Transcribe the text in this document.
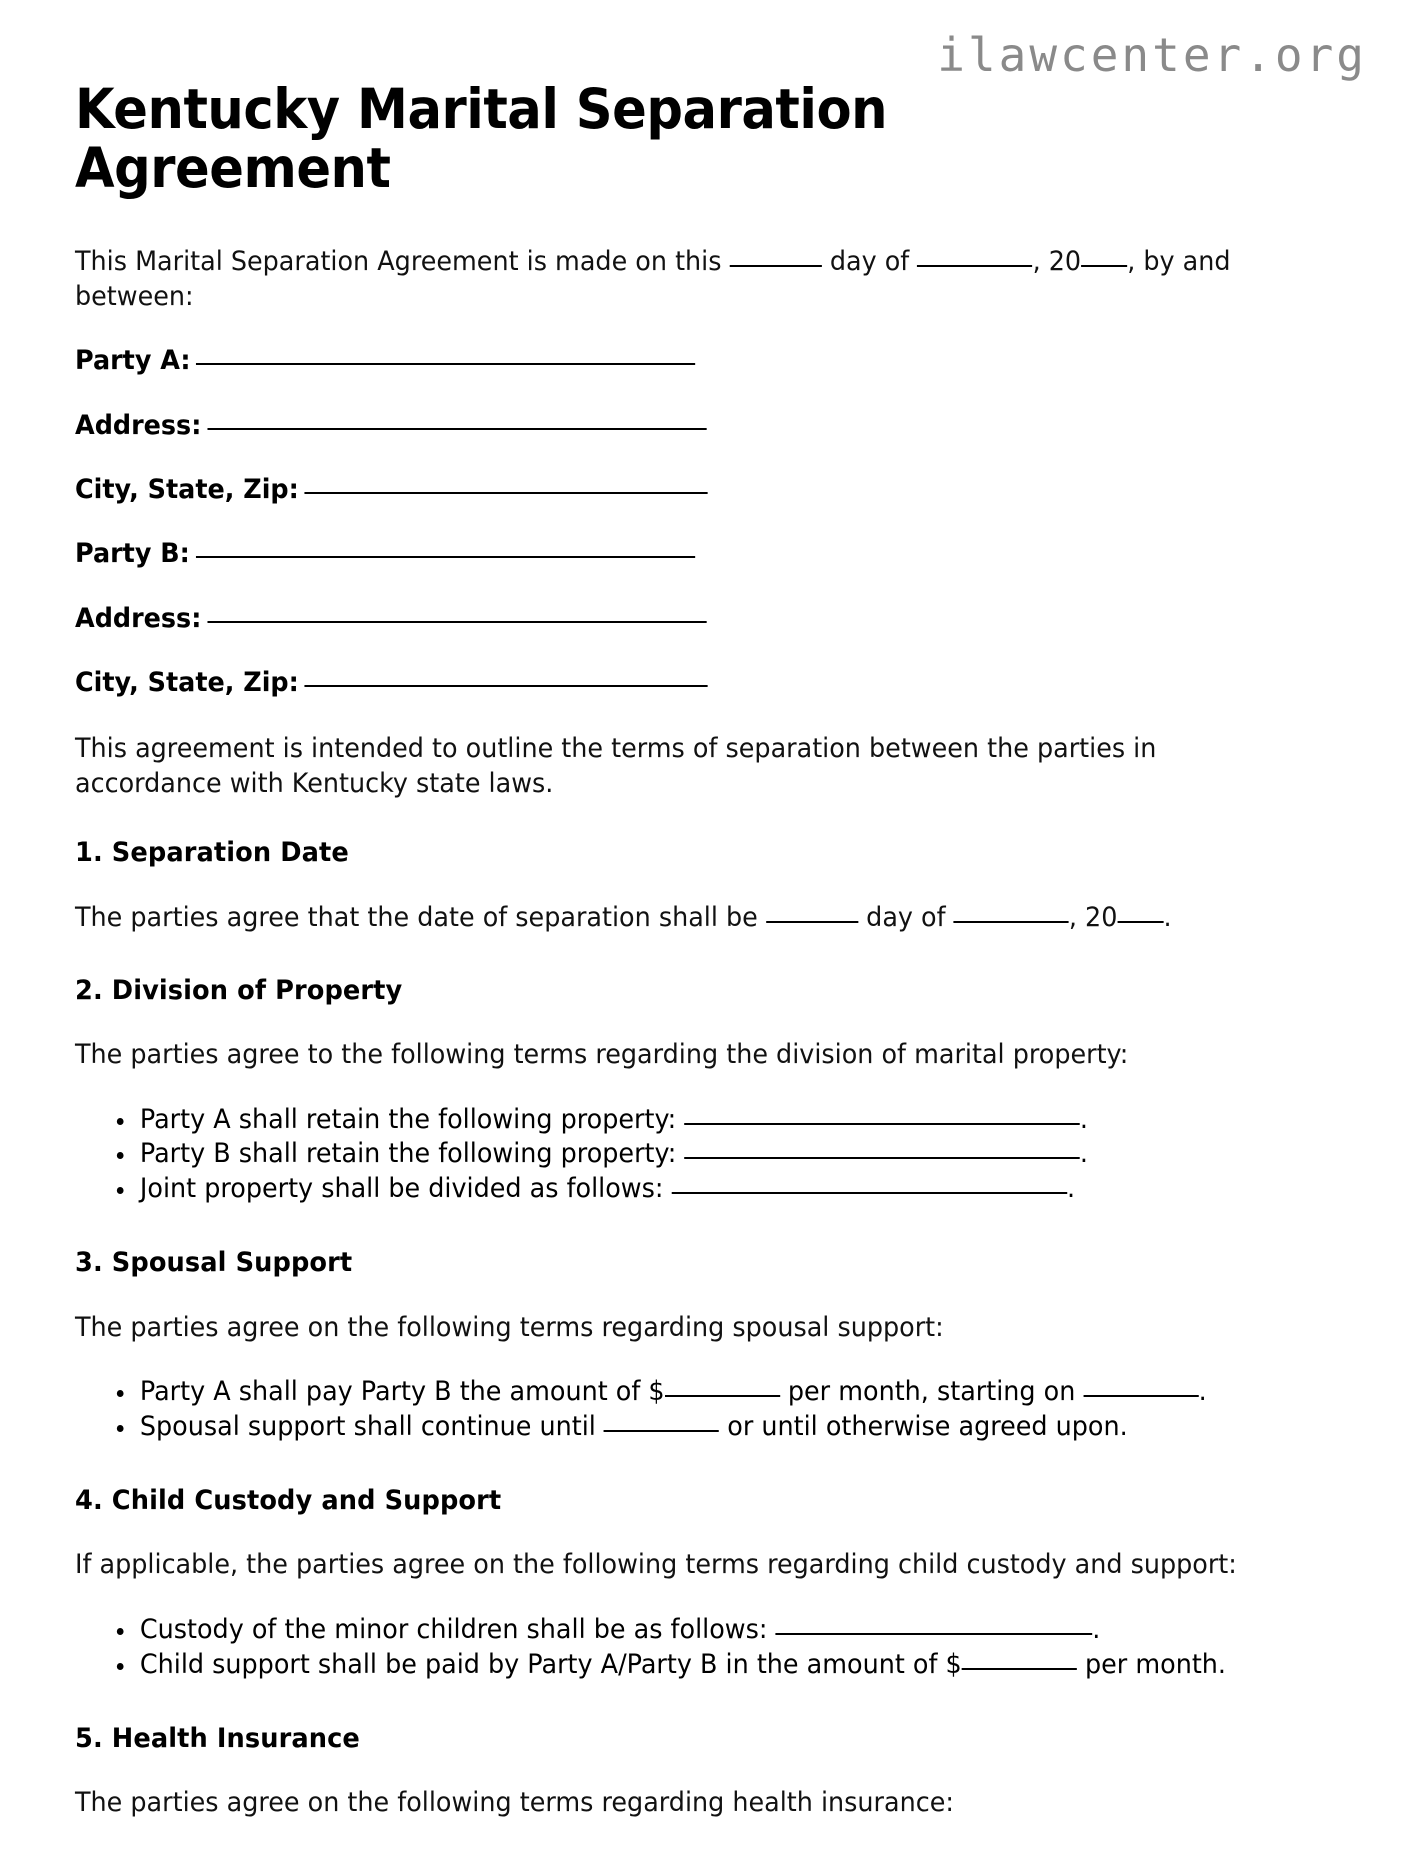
ilawcenter.org
Kentucky Marital Separation Agreement

This Marital Separation Agreement is made on this	day of	, 20 , by and between:

Party A:
Address:
City, State, Zip:
Party B:
Address:
City, State, Zip:

This agreement is intended to outline the terms of separation between the parties in accordance with Kentucky state laws.

1. Separation Date

The parties agree that the date of separation shall be	day of	, 20 .

2. Division of Property

The parties agree to the following terms regarding the division of marital property:

Party A shall retain the following property:	.
Party B shall retain the following property:	.
Joint property shall be divided as follows:	.
3. Spousal Support

The parties agree on the following terms regarding spousal support:

Party A shall pay Party B the amount of $	per month, starting on	.
Spousal support shall continue until	or until otherwise agreed upon.
4. Child Custody and Support

If applicable, the parties agree on the following terms regarding child custody and support:

Custody of the minor children shall be as follows:	.
Child support shall be paid by Party A/Party B in the amount of $	per month.
5. Health Insurance

The parties agree on the following terms regarding health insurance:
